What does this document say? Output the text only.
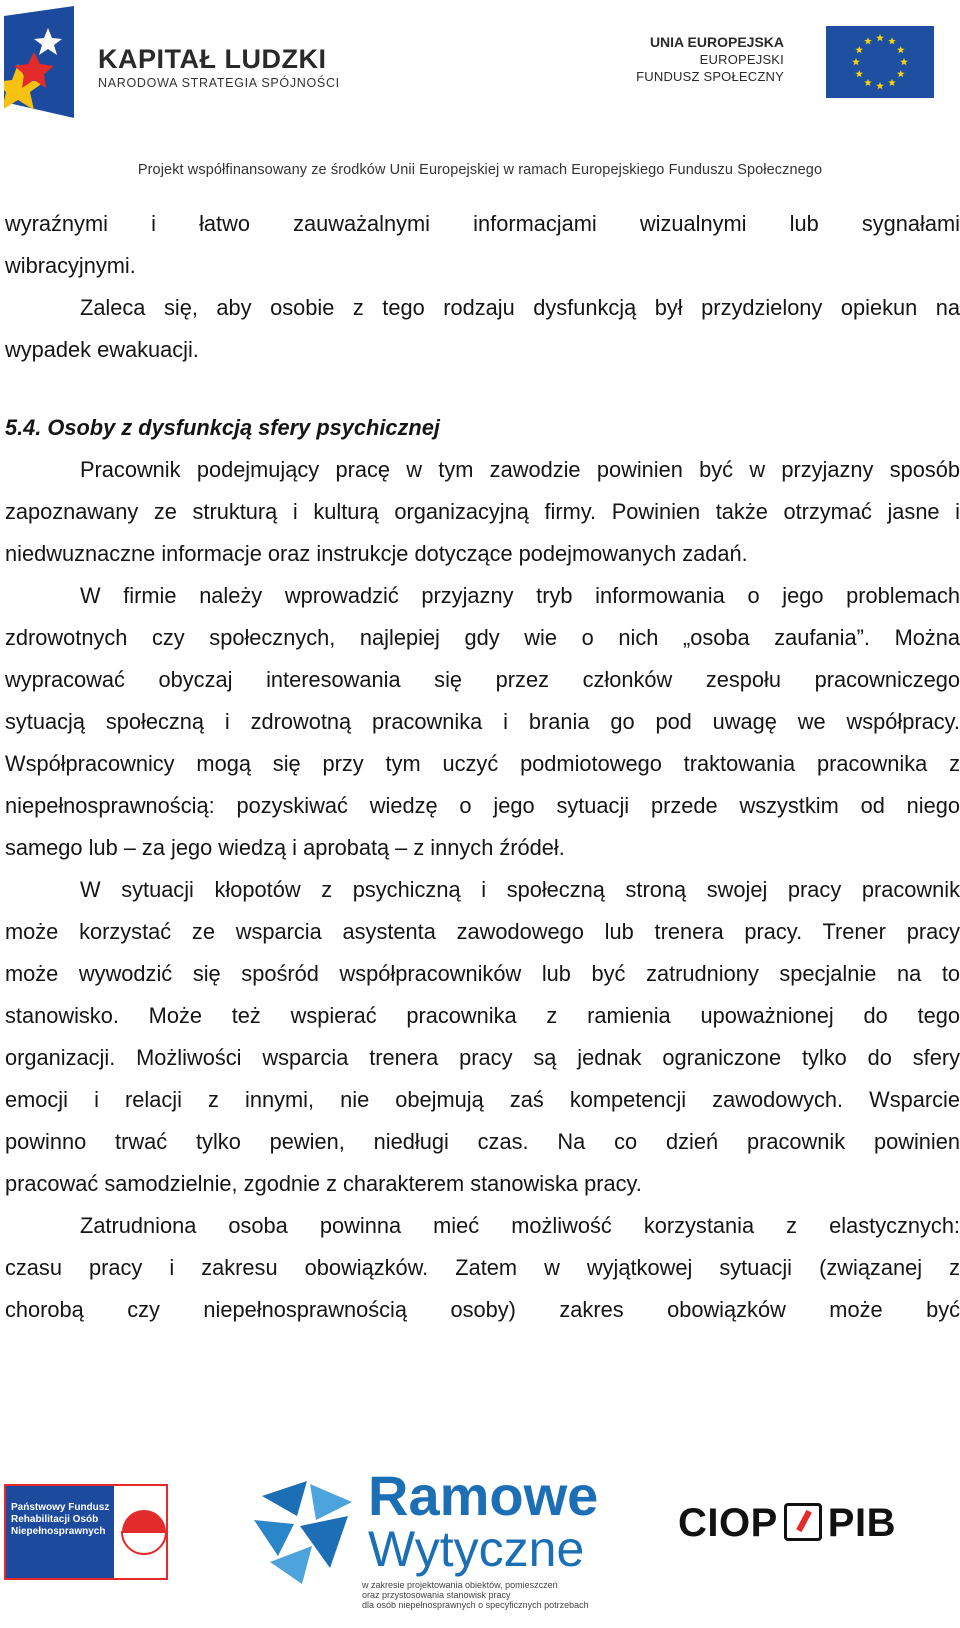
KAPITAŁ LUDZKI
NARODOWA STRATEGIA SPÓJNOŚCI
UNIA EUROPEJSKA
EUROPEJSKI
FUNDUSZ SPOŁECZNY
Projekt współfinansowany ze środków Unii Europejskiej w ramach Europejskiego Funduszu Społecznego
wyraźnymi i łatwo zauważalnymi informacjami wizualnymi lub sygnałami
wibracyjnymi.
Zaleca się, aby osobie z tego rodzaju dysfunkcją był przydzielony opiekun na
wypadek ewakuacji.
5.4. Osoby z dysfunkcją sfery psychicznej
Pracownik podejmujący pracę w tym zawodzie powinien być w przyjazny sposób
zapoznawany ze strukturą i kulturą organizacyjną firmy. Powinien także otrzymać jasne i
niedwuznaczne informacje oraz instrukcje dotyczące podejmowanych zadań.
W firmie należy wprowadzić przyjazny tryb informowania o jego problemach
zdrowotnych czy społecznych, najlepiej gdy wie o nich „osoba zaufania”. Można
wypracować obyczaj interesowania się przez członków zespołu pracowniczego
sytuacją społeczną i zdrowotną pracownika i brania go pod uwagę we współpracy.
Współpracownicy mogą się przy tym uczyć podmiotowego traktowania pracownika z
niepełnosprawnością: pozyskiwać wiedzę o jego sytuacji przede wszystkim od niego
samego lub – za jego wiedzą i aprobatą – z innych źródeł.
W sytuacji kłopotów z psychiczną i społeczną stroną swojej pracy pracownik
może korzystać ze wsparcia asystenta zawodowego lub trenera pracy. Trener pracy
może wywodzić się spośród współpracowników lub być zatrudniony specjalnie na to
stanowisko. Może też wspierać pracownika z ramienia upoważnionej do tego
organizacji. Możliwości wsparcia trenera pracy są jednak ograniczone tylko do sfery
emocji i relacji z innymi, nie obejmują zaś kompetencji zawodowych. Wsparcie
powinno trwać tylko pewien, niedługi czas. Na co dzień pracownik powinien
pracować samodzielnie, zgodnie z charakterem stanowiska pracy.
Zatrudniona osoba powinna mieć możliwość korzystania z elastycznych:
czasu pracy i zakresu obowiązków. Zatem w wyjątkowej sytuacji (związanej z
chorobą czy niepełnosprawnością osoby) zakres obowiązków może być
Państwowy Fundusz
Rehabilitacji Osób
Niepełnosprawnych
Ramowe
Wytyczne
w zakresie projektowania obiektów, pomieszczeń
oraz przystosowania stanowisk pracy
dla osób niepełnosprawnych o specyficznych potrzebach
CIOP PIB
